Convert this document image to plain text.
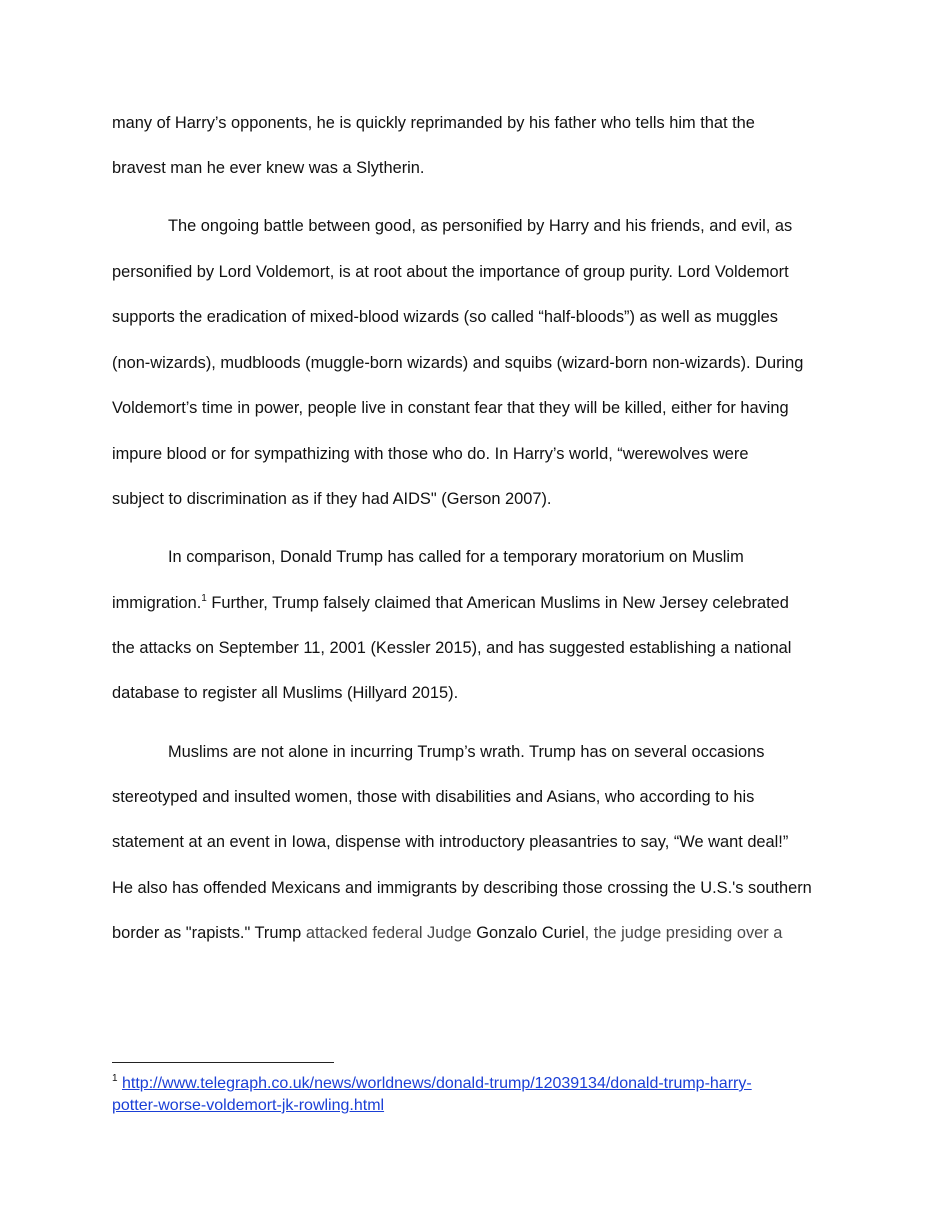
many of Harry’s opponents, he is quickly reprimanded by his father who tells him that the
bravest man he ever knew was a Slytherin.
The ongoing battle between good, as personified by Harry and his friends, and evil, as
personified by Lord Voldemort, is at root about the importance of group purity. Lord Voldemort
supports the eradication of mixed-blood wizards (so called “half-bloods”) as well as muggles
(non-wizards), mudbloods (muggle-born wizards) and squibs (wizard-born non-wizards). During
Voldemort’s time in power, people live in constant fear that they will be killed, either for having
impure blood or for sympathizing with those who do. In Harry’s world, “werewolves were
subject to discrimination as if they had AIDS" (Gerson 2007).
In comparison, Donald Trump has called for a temporary moratorium on Muslim
immigration.$^1$ Further, Trump falsely claimed that American Muslims in New Jersey celebrated
the attacks on September 11, 2001 (Kessler 2015), and has suggested establishing a national
database to register all Muslims (Hillyard 2015).
Muslims are not alone in incurring Trump’s wrath. Trump has on several occasions
stereotyped and insulted women, those with disabilities and Asians, who according to his
statement at an event in Iowa, dispense with introductory pleasantries to say, “We want deal!”
He also has offended Mexicans and immigrants by describing those crossing the U.S.'s southern
border as "rapists." Trump attacked federal Judge Gonzalo Curiel, the judge presiding over a
$^1$ http://www.telegraph.co.uk/news/worldnews/donald-trump/12039134/donald-trump-harry-
potter-worse-voldemort-jk-rowling.html
